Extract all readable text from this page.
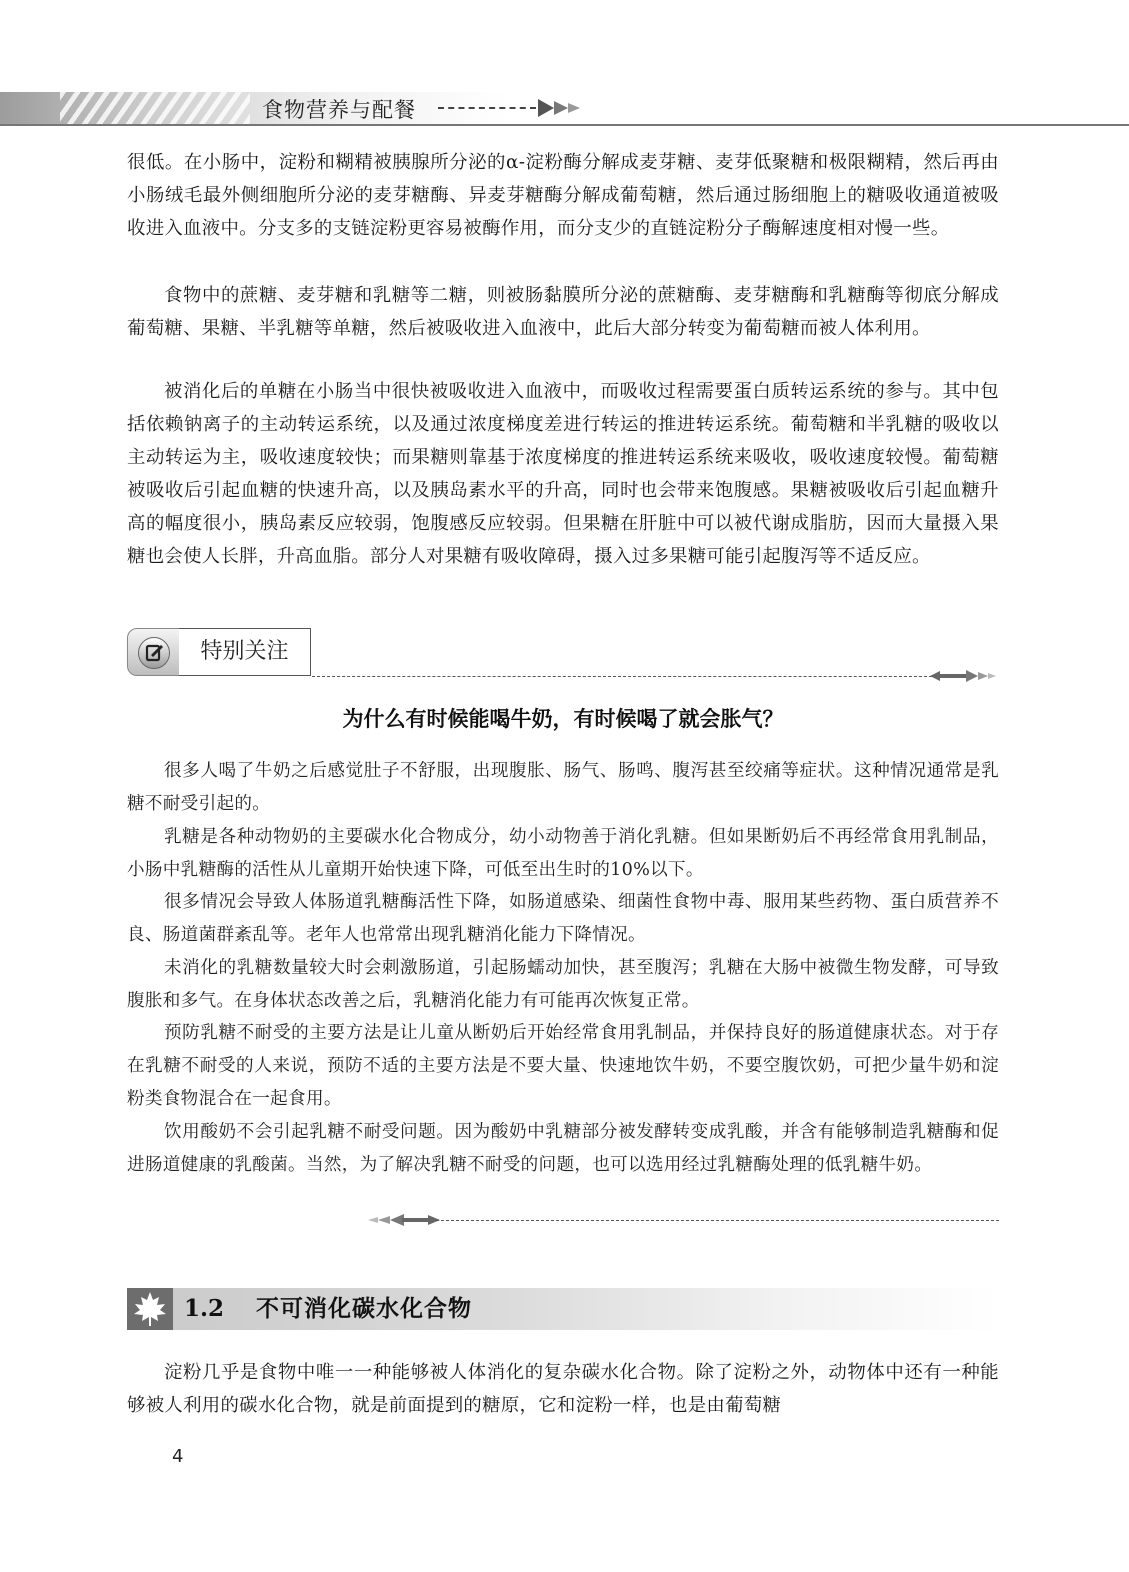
食物营养与配餐

很低。在小肠中，淀粉和糊精被胰腺所分泌的α-淀粉酶分解成麦芽糖、麦芽低聚糖和极限糊精，然后再由小肠绒毛最外侧细胞所分泌的麦芽糖酶、异麦芽糖酶分解成葡萄糖，然后通过肠细胞上的糖吸收通道被吸收进入血液中。分支多的支链淀粉更容易被酶作用，而分支少的直链淀粉分子酶解速度相对慢一些。

食物中的蔗糖、麦芽糖和乳糖等二糖，则被肠黏膜所分泌的蔗糖酶、麦芽糖酶和乳糖酶等彻底分解成葡萄糖、果糖、半乳糖等单糖，然后被吸收进入血液中，此后大部分转变为葡萄糖而被人体利用。

被消化后的单糖在小肠当中很快被吸收进入血液中，而吸收过程需要蛋白质转运系统的参与。其中包括依赖钠离子的主动转运系统，以及通过浓度梯度差进行转运的推进转运系统。葡萄糖和半乳糖的吸收以主动转运为主，吸收速度较快；而果糖则靠基于浓度梯度的推进转运系统来吸收，吸收速度较慢。葡萄糖被吸收后引起血糖的快速升高，以及胰岛素水平的升高，同时也会带来饱腹感。果糖被吸收后引起血糖升高的幅度很小，胰岛素反应较弱，饱腹感反应较弱。但果糖在肝脏中可以被代谢成脂肪，因而大量摄入果糖也会使人长胖，升高血脂。部分人对果糖有吸收障碍，摄入过多果糖可能引起腹泻等不适反应。

特别关注
为什么有时候能喝牛奶，有时候喝了就会胀气？

很多人喝了牛奶之后感觉肚子不舒服，出现腹胀、肠气、肠鸣、腹泻甚至绞痛等症状。这种情况通常是乳糖不耐受引起的。

乳糖是各种动物奶的主要碳水化合物成分，幼小动物善于消化乳糖。但如果断奶后不再经常食用乳制品，小肠中乳糖酶的活性从儿童期开始快速下降，可低至出生时的10%以下。

很多情况会导致人体肠道乳糖酶活性下降，如肠道感染、细菌性食物中毒、服用某些药物、蛋白质营养不良、肠道菌群紊乱等。老年人也常常出现乳糖消化能力下降情况。

未消化的乳糖数量较大时会刺激肠道，引起肠蠕动加快，甚至腹泻；乳糖在大肠中被微生物发酵，可导致腹胀和多气。在身体状态改善之后，乳糖消化能力有可能再次恢复正常。

预防乳糖不耐受的主要方法是让儿童从断奶后开始经常食用乳制品，并保持良好的肠道健康状态。对于存在乳糖不耐受的人来说，预防不适的主要方法是不要大量、快速地饮牛奶，不要空腹饮奶，可把少量牛奶和淀粉类食物混合在一起食用。

饮用酸奶不会引起乳糖不耐受问题。因为酸奶中乳糖部分被发酵转变成乳酸，并含有能够制造乳糖酶和促进肠道健康的乳酸菌。当然，为了解决乳糖不耐受的问题，也可以选用经过乳糖酶处理的低乳糖牛奶。

1.2 不可消化碳水化合物

淀粉几乎是食物中唯一一种能够被人体消化的复杂碳水化合物。除了淀粉之外，动物体中还有一种能够被人利用的碳水化合物，就是前面提到的糖原，它和淀粉一样，也是由葡萄糖

4
